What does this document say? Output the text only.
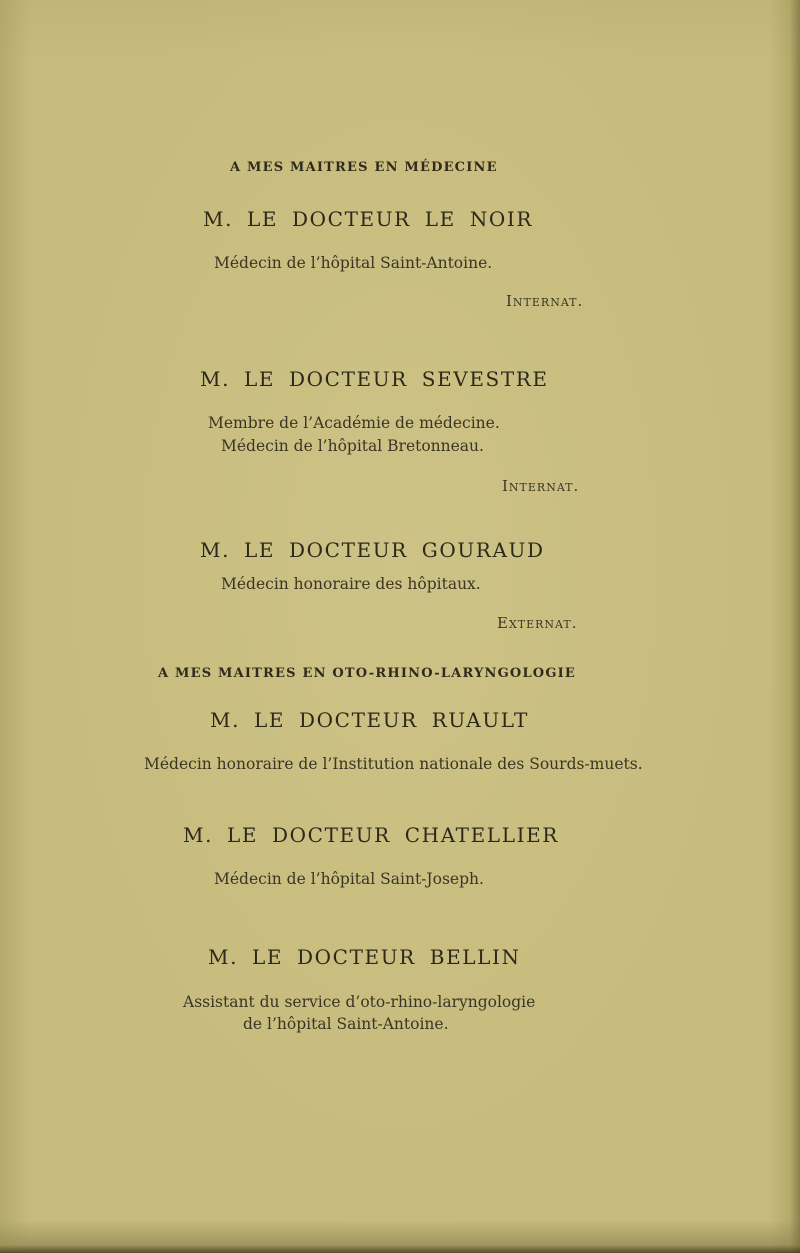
A MES MAITRES EN MÉDECINE
M. LE DOCTEUR LE NOIR
Médecin de l’hôpital Saint-Antoine.
Internat.
M. LE DOCTEUR SEVESTRE
Membre de l’Académie de médecine.
Médecin de l’hôpital Bretonneau.
Internat.
M. LE DOCTEUR GOURAUD
Médecin honoraire des hôpitaux.
Externat.
A MES MAITRES EN OTO-RHINO-LARYNGOLOGIE
M. LE DOCTEUR RUAULT
Médecin honoraire de l’Institution nationale des Sourds-muets.
M. LE DOCTEUR CHATELLIER
Médecin de l’hôpital Saint-Joseph.
M. LE DOCTEUR BELLIN
Assistant du service d’oto-rhino-laryngologie
de l’hôpital Saint-Antoine.
